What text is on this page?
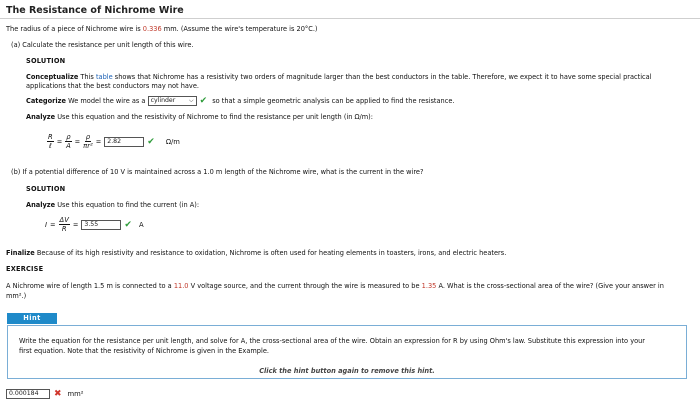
The Resistance of Nichrome Wire
The radius of a piece of Nichrome wire is 0.336 mm. (Assume the wire's temperature is 20°C.)
(a) Calculate the resistance per unit length of this wire.
SOLUTION
Conceptualize This table shows that Nichrome has a resistivity two orders of magnitude larger than the best conductors in the table. Therefore, we expect it to have some special practical
applications that the best conductors may not have.
Categorize We model the wire as a cylinder ⌵ ✔ so that a simple geometric analysis can be applied to find the resistance.
Analyze Use this equation and the resistivity of Nichrome to find the resistance per unit length (in Ω/m):
$\frac{R}{\text{ℓ}} = \frac{\rho}{A} = \frac{\rho}{\text{πr²}} = 2.82$	✔ Ω/m
(b) If a potential difference of 10 V is maintained across a 1.0 m length of the Nichrome wire, what is the current in the wire?
SOLUTION
Analyze Use this equation to find the current (in A):
$I = \frac{\Delta V}{R} = 3.55$	✔ A
Finalize Because of its high resistivity and resistance to oxidation, Nichrome is often used for heating elements in toasters, irons, and electric heaters.
EXERCISE
A Nichrome wire of length 1.5 m is connected to a 11.0 V voltage source, and the current through the wire is measured to be 1.35 A. What is the cross-sectional area of the wire? (Give your answer in
mm².)
Hint
Write the equation for the resistance per unit length, and solve for A, the cross-sectional area of the wire. Obtain an expression for R by using Ohm's law. Substitute this expression into your
first equation. Note that the resistivity of Nichrome is given in the Example.
Click the hint button again to remove this hint.
0.000184	✖ mm²
